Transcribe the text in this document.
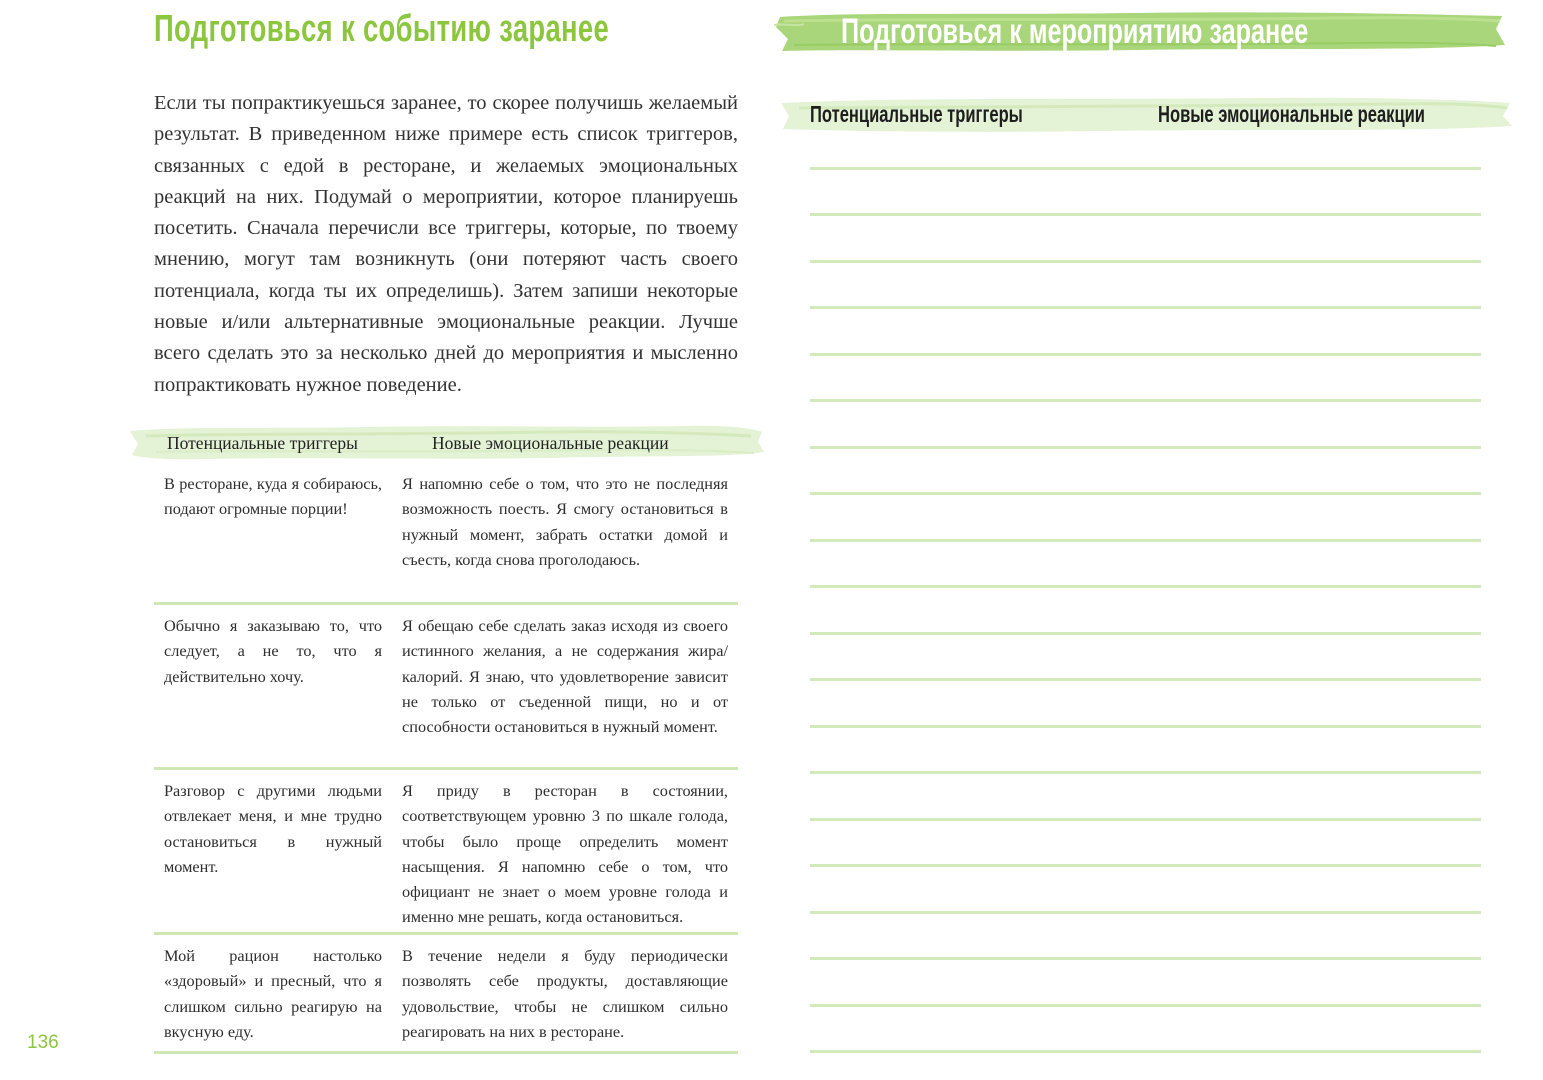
Подготовься к событию заранее
Если ты попрактикуешься заранее, то скорее получишь желаемый результат. В приведенном ниже примере есть список триггеров, связанных с едой в ресторане, и желаемых эмоциональных реакций на них. Подумай о мероприятии, которое планируешь посетить. Сначала перечисли все триггеры, которые, по твоему мнению, могут там возникнуть (они потеряют часть своего потенциала, когда ты их определишь). Затем запиши некоторые новые и/или альтернативные эмоциональные реакции. Лучше всего сделать это за несколько дней до мероприятия и мысленно попрактиковать нужное поведение.
Потенциальные триггеры	Новые эмоциональные реакции
В ресторане, куда я собираюсь, подают огромные порции!
Я напомню себе о том, что это не последняя возможность поесть. Я смогу остановиться в нужный момент, забрать остатки домой и съесть, когда снова проголодаюсь.
Обычно я заказываю то, что следует, а не то, что я действительно хочу.
Я обещаю себе сделать заказ исходя из своего истинного желания, а не содержания жира/калорий. Я знаю, что удовлетворение зависит не только от съеденной пищи, но и от способности остановиться в нужный момент.
Разговор с другими людьми отвлекает меня, и мне трудно остановиться в нужный момент.
Я приду в ресторан в состоянии, соответствующем уровню 3 по шкале голода, чтобы было проще определить момент насыщения. Я напомню себе о том, что официант не знает о моем уровне голода и именно мне решать, когда остановиться.
Мой рацион настолько «здоровый» и пресный, что я слишком сильно реагирую на вкусную еду.
В течение недели я буду периодически позволять себе продукты, доставляющие удовольствие, чтобы не слишком сильно реагировать на них в ресторане.
136
Подготовься к мероприятию заранее
Потенциальные триггеры	Новые эмоциональные реакции
